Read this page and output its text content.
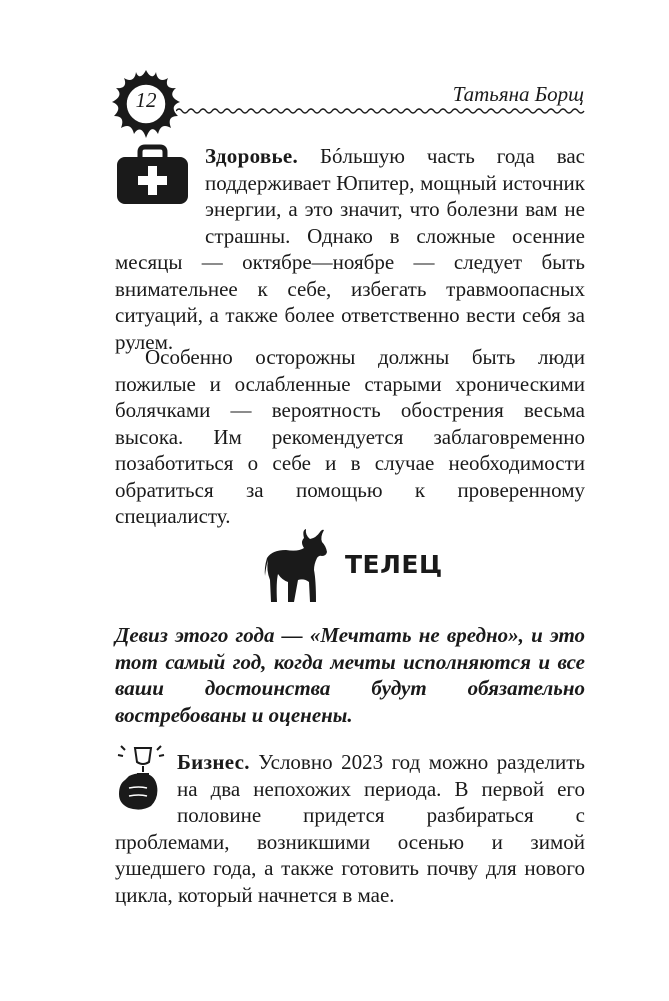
12	Татьяна Борщ

Здоровье. Бóльшую часть года вас поддерживает Юпитер, мощный источник энергии, а это значит, что болезни вам не страшны. Однако в сложные осенние месяцы — октябре—ноябре — следует быть внимательнее к себе, избегать травмоопасных ситуаций, а также более ответственно вести себя за рулем.

Особенно осторожны должны быть люди пожилые и ослабленные старыми хроническими болячками — вероятность обострения весьма высока. Им рекомендуется заблаговременно позаботиться о себе и в случае необходимости обратиться за помощью к проверенному специалисту.

ТЕЛЕЦ

Девиз этого года — «Мечтать не вредно», и это тот самый год, когда мечты исполняются и все ваши достоинства будут обязательно востребованы и оценены.

Бизнес. Условно 2023 год можно разделить на два непохожих периода. В первой его половине придется разбираться с проблемами, возникшими осенью и зимой ушедшего года, а также готовить почву для нового цикла, который начнется в мае.
